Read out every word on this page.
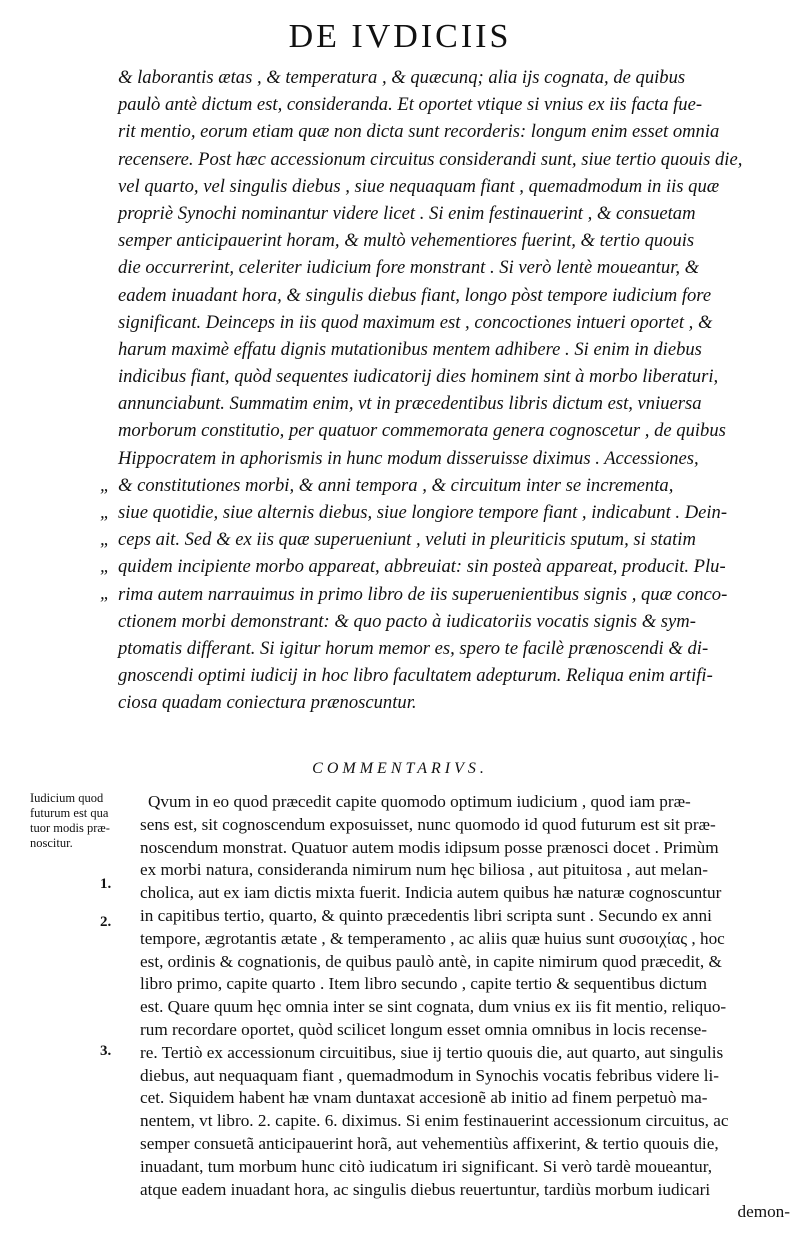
DE IVDICIIS
& laborantis ætas , & temperatura , & quæcunq; alia ijs cognata, de quibus
paulò antè dictum est, consideranda. Et oportet vtique si vnius ex iis facta fue-
rit mentio, eorum etiam quæ non dicta sunt recorderis: longum enim esset omnia
recensere. Post hæc accessionum circuitus considerandi sunt, siue tertio quouis die,
vel quarto, vel singulis diebus , siue nequaquam fiant , quemadmodum in iis quæ
propriè Synochi nominantur videre licet . Si enim festinauerint , & consuetam
semper anticipauerint horam, & multò vehementiores fuerint, & tertio quouis
die occurrerint, celeriter iudicium fore monstrant . Si verò lentè moueantur, &
eadem inuadant hora, & singulis diebus fiant, longo pòst tempore iudicium fore
significant. Deinceps in iis quod maximum est , concoctiones intueri oportet , &
harum maximè effatu dignis mutationibus mentem adhibere . Si enim in diebus
indicibus fiant, quòd sequentes iudicatorij dies hominem sint à morbo liberaturi,
annunciabunt. Summatim enim, vt in præcedentibus libris dictum est, vniuersa
morborum constitutio, per quatuor commemorata genera cognoscetur , de quibus
Hippocratem in aphorismis in hunc modum disseruisse diximus . Accessiones,
& constitutiones morbi, & anni tempora , & circuitum inter se incrementa,
siue quotidie, siue alternis diebus, siue longiore tempore fiant , indicabunt . Dein-
ceps ait. Sed & ex iis quæ superueniunt , veluti in pleuriticis sputum, si statim
quidem incipiente morbo appareat, abbreuiat: sin posteà appareat, producit. Plu-
rima autem narrauimus in primo libro de iis superuenientibus signis , quæ conco-
ctionem morbi demonstrant: & quo pacto à iudicatoriis vocatis signis & sym-
ptomatis differant. Si igitur horum memor es, spero te facilè prænoscendi & di-
gnoscendi optimi iudicij in hoc libro facultatem adepturum. Reliqua enim artifi-
ciosa quadam coniectura prænoscuntur.
„
„
„
„
„
COMMENTARIVS.
Iudicium quod
futurum est qua
tuor modis præ-
noscitur.
1.
2.
3.
Qvum in eo quod præcedit capite quomodo optimum iudicium , quod iam præ-
sens est, sit cognoscendum exposuisset, nunc quomodo id quod futurum est sit præ-
noscendum monstrat. Quatuor autem modis idipsum posse prænosci docet . Primùm
ex morbi natura, consideranda nimirum num hęc biliosa , aut pituitosa , aut melan-
cholica, aut ex iam dictis mixta fuerit. Indicia autem quibus hæ naturæ cognoscuntur
in capitibus tertio, quarto, & quinto præcedentis libri scripta sunt . Secundo ex anni
tempore, ægrotantis ætate , & temperamento , ac aliis quæ huius sunt συσοιχίας , hoc
est, ordinis & cognationis, de quibus paulò antè, in capite nimirum quod præcedit, &
libro primo, capite quarto . Item libro secundo , capite tertio & sequentibus dictum
est. Quare quum hęc omnia inter se sint cognata, dum vnius ex iis fit mentio, reliquo-
rum recordare oportet, quòd scilicet longum esset omnia omnibus in locis recense-
re. Tertiò ex accessionum circuitibus, siue ij tertio quouis die, aut quarto, aut singulis
diebus, aut nequaquam fiant , quemadmodum in Synochis vocatis febribus videre li-
cet. Siquidem habent hæ vnam duntaxat accesionẽ ab initio ad finem perpetuò ma-
nentem, vt libro. 2. capite. 6. diximus. Si enim festinauerint accessionum circuitus, ac
semper consuetã anticipauerint horã, aut vehementiùs affixerint, & tertio quouis die,
inuadant, tum morbum hunc citò iudicatum iri significant. Si verò tardè moueantur,
atque eadem inuadant hora, ac singulis diebus reuertuntur, tardiùs morbum iudicari
demon-
